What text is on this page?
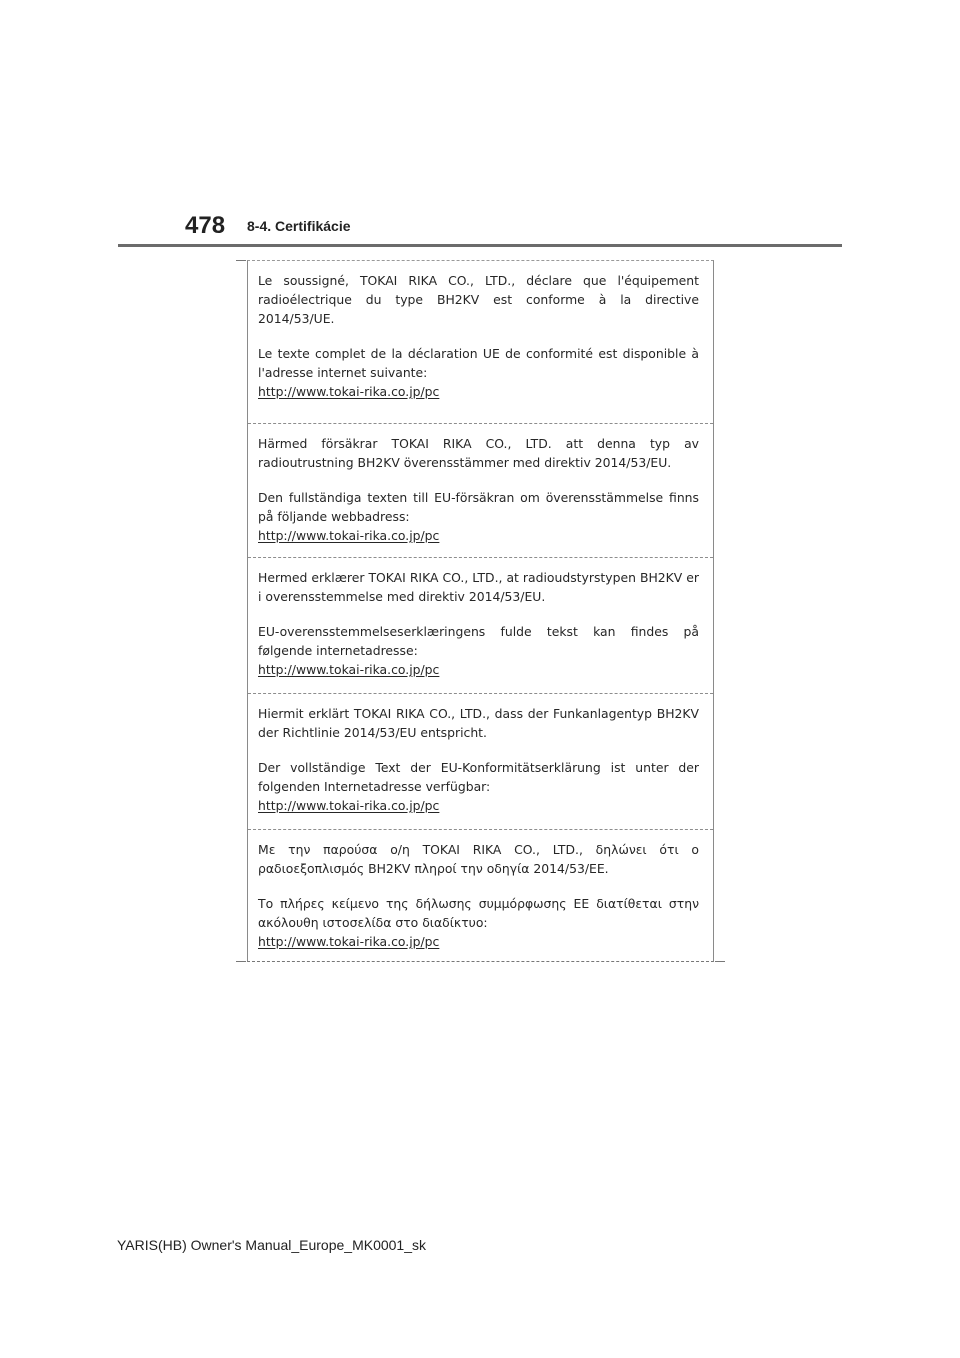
478 8-4. Certifikácie

Le soussigné, TOKAI RIKA CO., LTD., déclare que l'équipement radioélectrique du type BH2KV est conforme à la directive 2014/53/UE.

Le texte complet de la déclaration UE de conformité est disponible à l'adresse internet suivante:

http://www.tokai-rika.co.jp/pc

Härmed försäkrar TOKAI RIKA CO., LTD. att denna typ av radioutrustning BH2KV överensstämmer med direktiv 2014/53/EU.

Den fullständiga texten till EU-försäkran om överensstämmelse finns på följande webbadress:

http://www.tokai-rika.co.jp/pc

Hermed erklærer TOKAI RIKA CO., LTD., at radioudstyrstypen BH2KV er i overensstemmelse med direktiv 2014/53/EU.

EU-overensstemmelseserklæringens fulde tekst kan findes på følgende internetadresse:

http://www.tokai-rika.co.jp/pc

Hiermit erklärt TOKAI RIKA CO., LTD., dass der Funkanlagentyp BH2KV der Richtlinie 2014/53/EU entspricht.

Der vollständige Text der EU-Konformitätserklärung ist unter der folgenden Internetadresse verfügbar:

http://www.tokai-rika.co.jp/pc

Με την παρούσα ο/η TOKAI RIKA CO., LTD., δηλώνει ότι ο ραδιοεξοπλισμός BH2KV πληροί την οδηγία 2014/53/ΕΕ.

Το πλήρες κείμενο της δήλωσης συμμόρφωσης ΕΕ διατίθεται στην ακόλουθη ιστοσελίδα στο διαδίκτυο:

http://www.tokai-rika.co.jp/pc

YARIS(HB) Owner's Manual_Europe_MK0001_sk
